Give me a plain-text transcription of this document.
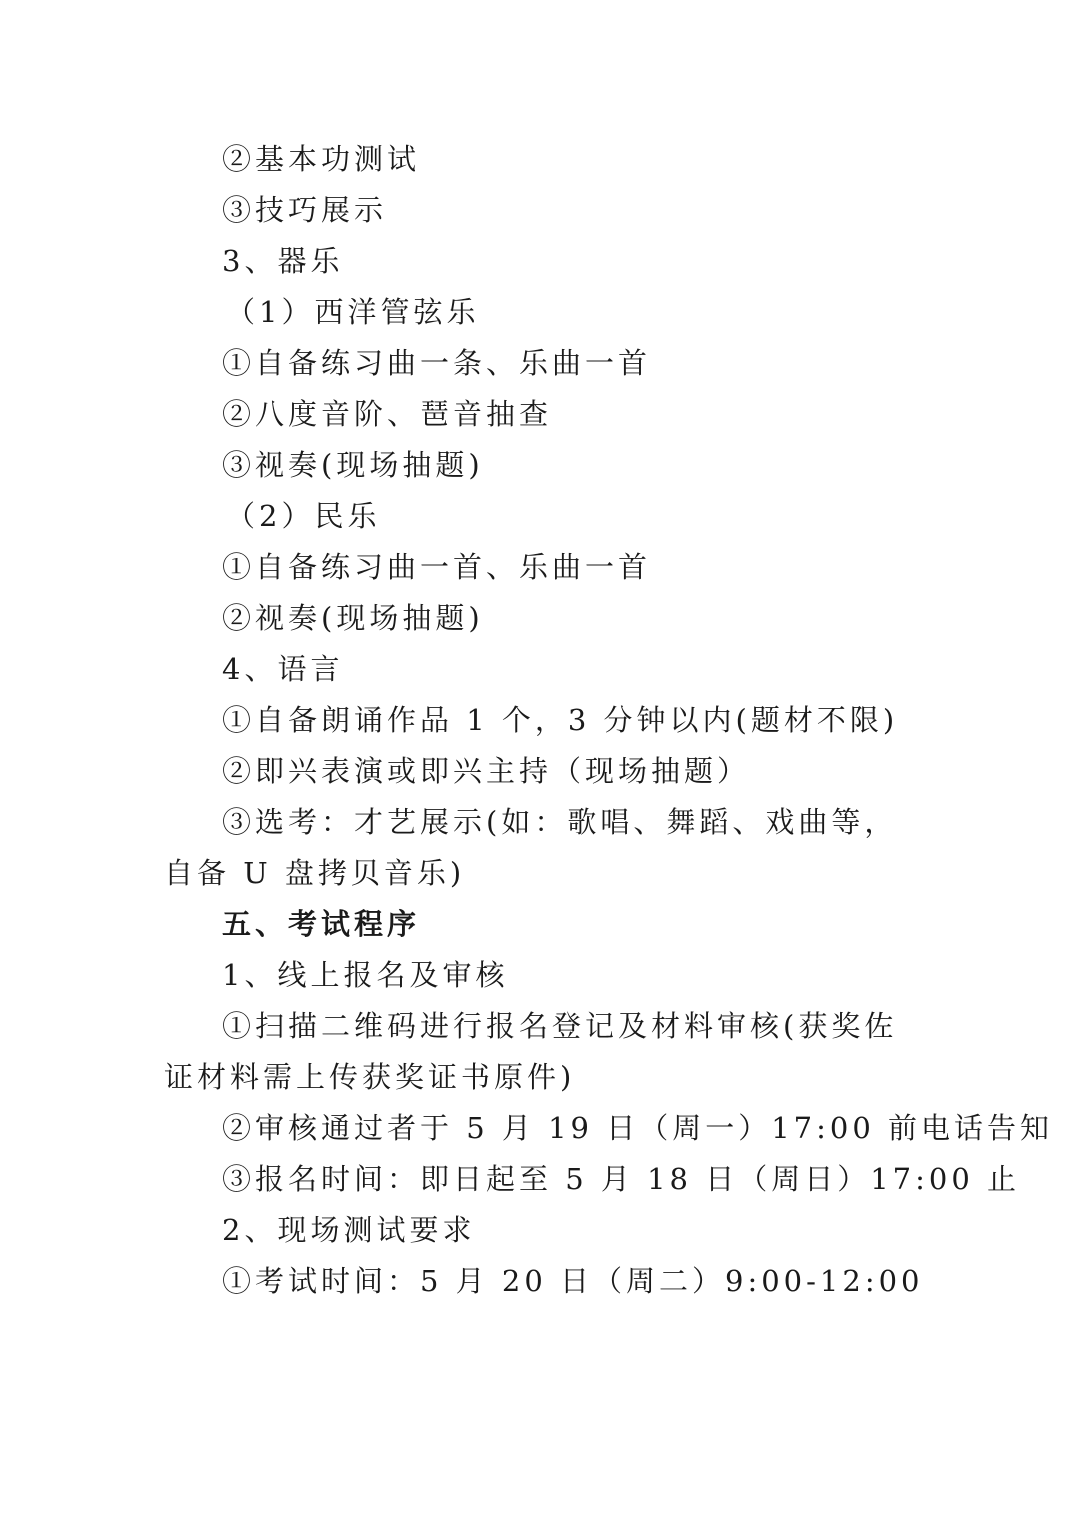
②基本功测试

③技巧展示

3、器乐

（1）西洋管弦乐

①自备练习曲一条、乐曲一首

②八度音阶、琶音抽查

③视奏(现场抽题)

（2）民乐

①自备练习曲一首、乐曲一首

②视奏(现场抽题)

4、语言

①自备朗诵作品 1 个，3 分钟以内(题材不限)

②即兴表演或即兴主持（现场抽题）

③选考：才艺展示(如：歌唱、舞蹈、戏曲等，自备 U 盘拷贝音乐)

五、考试程序

1、线上报名及审核

①扫描二维码进行报名登记及材料审核(获奖佐证材料需上传获奖证书原件)

②审核通过者于 5 月 19 日（周一）17:00 前电话告知

③报名时间：即日起至 5 月 18 日（周日）17:00 止

2、现场测试要求

①考试时间：5 月 20 日（周二）9:00-12:00
